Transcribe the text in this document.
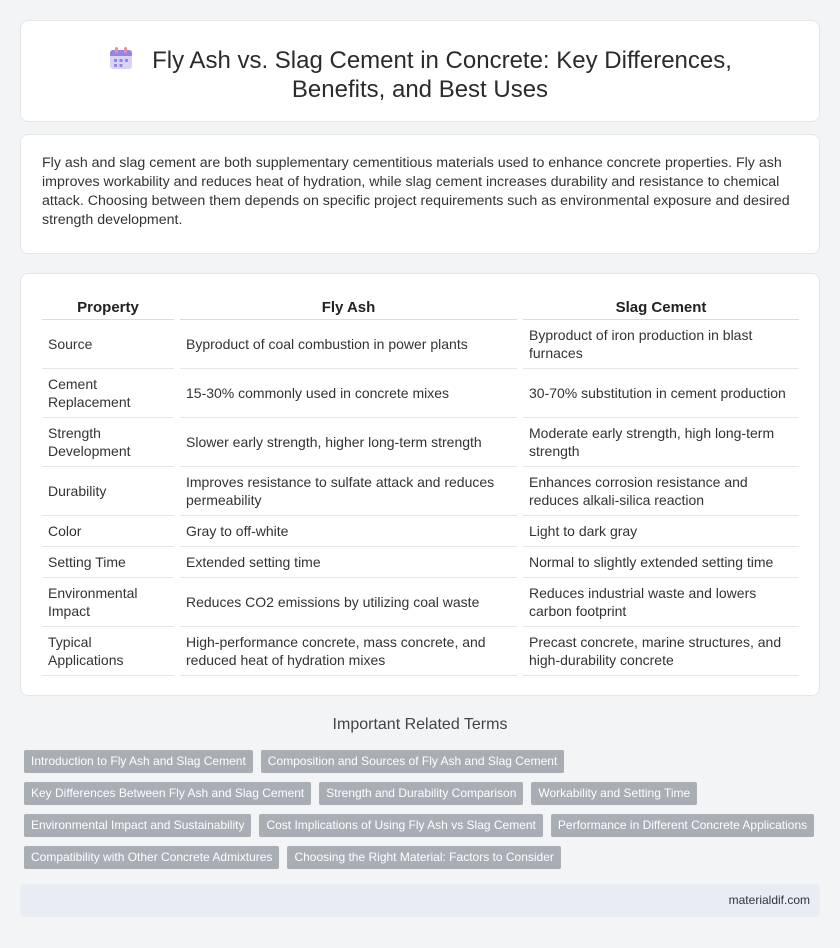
Fly Ash vs. Slag Cement in Concrete: Key Differences, Benefits, and Best Uses

Fly ash and slag cement are both supplementary cementitious materials used to enhance concrete properties. Fly ash improves workability and reduces heat of hydration, while slag cement increases durability and resistance to chemical attack. Choosing between them depends on specific project requirements such as environmental exposure and desired strength development.

Property		Fly Ash		Slag Cement
Source		Byproduct of coal combustion in power plants		Byproduct of iron production in blast furnaces
Cement Replacement		15-30% commonly used in concrete mixes		30-70% substitution in cement production
Strength Development		Slower early strength, higher long-term strength		Moderate early strength, high long-term strength
Durability		Improves resistance to sulfate attack and reduces permeability		Enhances corrosion resistance and reduces alkali-silica reaction
Color		Gray to off-white		Light to dark gray
Setting Time		Extended setting time		Normal to slightly extended setting time
Environmental Impact		Reduces CO2 emissions by utilizing coal waste		Reduces industrial waste and lowers carbon footprint
Typical Applications		High-performance concrete, mass concrete, and reduced heat of hydration mixes		Precast concrete, marine structures, and high-durability concrete
Important Related Terms
Introduction to Fly Ash and Slag Cement	Composition and Sources of Fly Ash and Slag Cement
Key Differences Between Fly Ash and Slag Cement	Strength and Durability Comparison	Workability and Setting Time
Environmental Impact and Sustainability	Cost Implications of Using Fly Ash vs Slag Cement	Performance in Different Concrete Applications
Compatibility with Other Concrete Admixtures	Choosing the Right Material: Factors to Consider
materialdif.com
